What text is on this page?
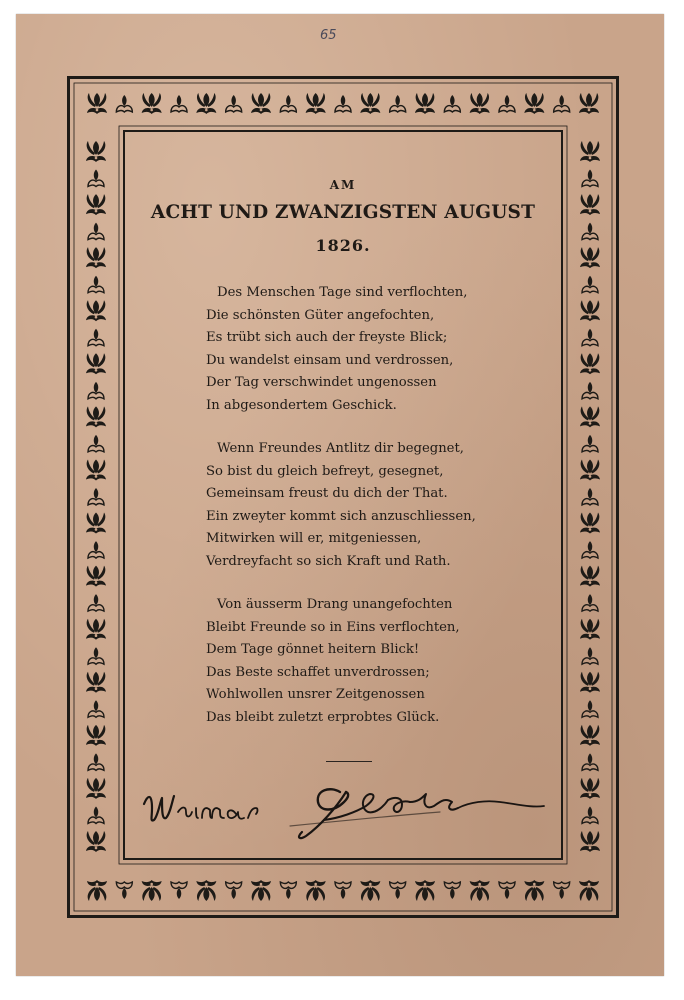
65
AM
ACHT UND ZWANZIGSTEN AUGUST
1826.
Des Menschen Tage sind verflochten,
Die schönsten Güter angefochten,
Es trübt sich auch der freyste Blick;
Du wandelst einsam und verdrossen,
Der Tag verschwindet ungenossen
In abgesondertem Geschick.
Wenn Freundes Antlitz dir begegnet,
So bist du gleich befreyt, gesegnet,
Gemeinsam freust du dich der That.
Ein zweyter kommt sich anzuschliessen,
Mitwirken will er, mitgeniessen,
Verdreyfacht so sich Kraft und Rath.
Von äusserm Drang unangefochten
Bleibt Freunde so in Eins verflochten,
Dem Tage gönnet heitern Blick!
Das Beste schaffet unverdrossen;
Wohlwollen unsrer Zeitgenossen
Das bleibt zuletzt erprobtes Glück.
